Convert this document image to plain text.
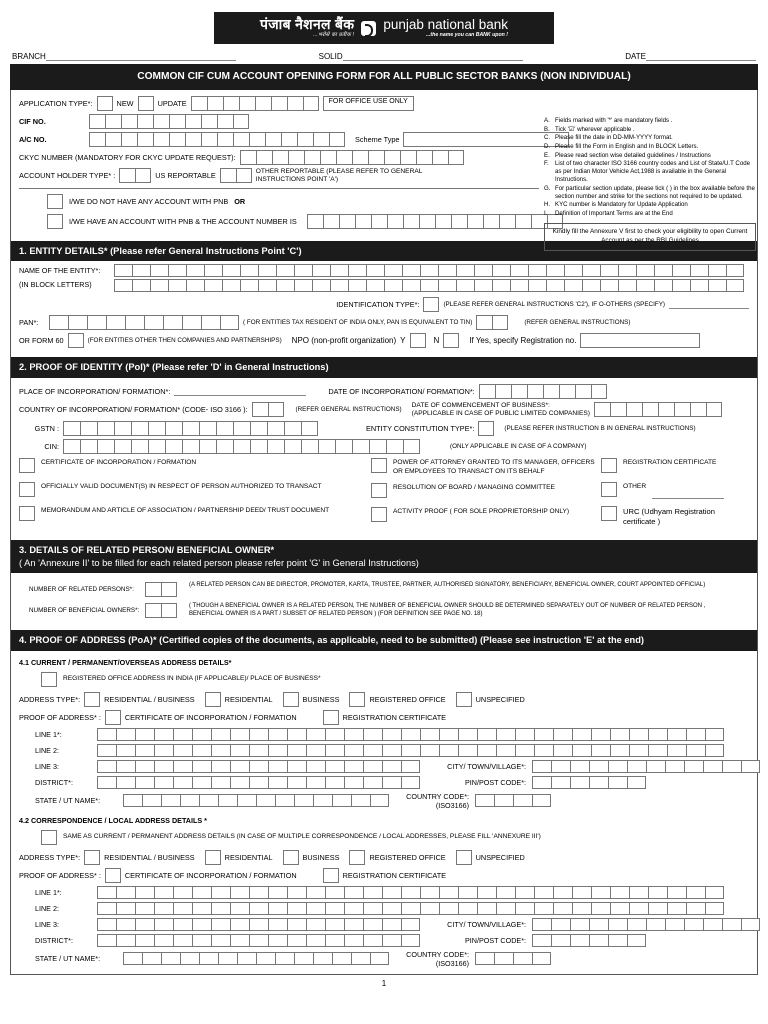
पंजाब नैशनल बैंक
...भरोसे का प्रतीक !
punjab national bank
...the name you can BANK upon !
BRANCH	SOLID	DATE
COMMON CIF CUM ACCOUNT OPENING FORM FOR ALL PUBLIC SECTOR BANKS (NON INDIVIDUAL)
APPLICATION TYPE*:	NEW	UPDATE	FOR OFFICE USE ONLY
CIF NO.
A/C NO.	Scheme Type
CKYC NUMBER (MANDATORY FOR CKYC UPDATE REQUEST):
ACCOUNT HOLDER TYPE* :	US REPORTABLE	OTHER REPORTABLE (PLEASE REFER TO GENERAL INSTRUCTIONS POINT 'A')
I/WE DO NOT HAVE ANY ACCOUNT WITH PNB OR
I/WE HAVE AN ACCOUNT WITH PNB & THE ACCOUNT NUMBER IS
1. ENTITY DETAILS* (Please refer General Instructions Point 'C')
NAME OF THE ENTITY*:
(IN BLOCK LETTERS)
IDENTIFICATION TYPE*:	(PLEASE REFER GENERAL INSTRUCTIONS 'C2'), IF O-OTHERS (SPECIFY)
PAN*:	( FOR ENTITIES TAX RESIDENT OF INDIA ONLY, PAN IS EQUIVALENT TO TIN)	(REFER GENERAL INSTRUCTIONS)
OR FORM 60	(FOR ENTITIES OTHER THEN COMPANIES AND PARTNERSHIPS) NPO (non-profit organization) Y	N	If Yes, specify Registration no.
2. PROOF OF IDENTITY (PoI)* (Please refer 'D' in General Instructions)
PLACE OF INCORPORATION/ FORMATION*:	DATE OF INCORPORATION/ FORMATION*:
COUNTRY OF INCORPORATION/ FORMATION* (CODE- ISO 3166 ):	(REFER GENERAL INSTRUCTIONS)
DATE OF COMMENCEMENT OF BUSINESS*:
(APPLICABLE IN CASE OF PUBLIC LIMITED COMPANIES)
GSTN :	ENTITY CONSTITUTION TYPE*:	(PLEASE REFER INSTRUCTION B IN GENERAL INSTRUCTIONS)
CIN:	(ONLY APPLICABLE IN CASE OF A COMPANY)
CERTIFICATE OF INCORPORATION / FORMATION
OFFICIALLY VALID DOCUMENT(S) IN RESPECT OF PERSON AUTHORIZED TO TRANSACT
MEMORANDUM AND ARTICLE OF ASSOCIATION / PARTNERSHIP DEED/ TRUST DOCUMENT
POWER OF ATTORNEY GRANTED TO ITS MANAGER, OFFICERS OR EMPLOYEES TO TRANSACT ON ITS BEHALF
RESOLUTION OF BOARD / MANAGING COMMITTEE
ACTIVITY PROOF ( FOR SOLE PROPRIETORSHIP ONLY)
REGISTRATION CERTIFICATE
OTHER
URC (Udhyam Registration certificate )
3. DETAILS OF RELATED PERSON/ BENEFICIAL OWNER*
( An 'Annexure II' to be filled for each related person please refer point 'G' in General Instructions)
NUMBER OF RELATED PERSONS*:
(A RELATED PERSON CAN BE DIRECTOR, PROMOTER, KARTA, TRUSTEE, PARTNER, AUTHORISED SIGNATORY, BENEFICIARY, BENEFICIAL OWNER, COURT APPOINTED OFFICIAL)
NUMBER OF BENEFICIAL OWNERS*:
( THOUGH A BENEFICIAL OWNER IS A RELATED PERSON, THE NUMBER OF BENEFICIAL OWNER SHOULD BE DETERMINED SEPARATELY OUT OF NUMBER OF RELATED PERSON , BENEFICIAL OWNER IS A PART / SUBSET OF RELATED PERSON ) (FOR DEFINITION SEE PAGE NO. 18)
4. PROOF OF ADDRESS (PoA)* (Certified copies of the documents, as applicable, need to be submitted) (Please see instruction 'E' at the end)
4.1 CURRENT / PERMANENT/OVERSEAS ADDRESS DETAILS*
REGISTERED OFFICE ADDRESS IN INDIA (IF APPLICABLE)/ PLACE OF BUSINESS*
ADDRESS TYPE*:	RESIDENTIAL / BUSINESS	RESIDENTIAL	BUSINESS	REGISTERED OFFICE	UNSPECIFIED
PROOF OF ADDRESS* :	CERTIFICATE OF INCORPORATION / FORMATION	REGISTRATION CERTIFICATE
LINE 1*:
LINE 2:
LINE 3:	CITY/ TOWN/VILLAGE*:
DISTRICT*:	PIN/POST CODE*:
STATE / UT NAME*:	COUNTRY CODE*:
(ISO3166)
4.2 CORRESPONDENCE / LOCAL ADDRESS DETAILS *
SAME AS CURRENT / PERMANENT ADDRESS DETAILS (IN CASE OF MULTIPLE CORRESPONDENCE / LOCAL ADDRESSES, PLEASE FILL 'ANNEXURE III')
ADDRESS TYPE*:	RESIDENTIAL / BUSINESS	RESIDENTIAL	BUSINESS	REGISTERED OFFICE	UNSPECIFIED
PROOF OF ADDRESS* :	CERTIFICATE OF INCORPORATION / FORMATION	REGISTRATION CERTIFICATE
LINE 1*:
LINE 2:
LINE 3:	CITY/ TOWN/VILLAGE*:
DISTRICT*:	PIN/POST CODE*:
STATE / UT NAME*:	COUNTRY CODE*:
(ISO3166)
1
A. Fields marked with '*' are mandatory fields .
B. Tick '☑' wherever applicable .
C. Please fill the date in DD-MM-YYYY format.
D. Please fill the Form in English and In BLOCK Letters.
E. Please read section wise detailed guidelines / Instructions
F.	List of two character ISO 3166 country codes and List of State/U.T Code as per Indian Motor Vehicle Act,1988 is available in the General Instructions.
G. For particular section update, please tick ( ) in the box available before the section number and strike for the sections not required to be updated.
H. KYC number is Mandatory for Update Application
I.	Definition of Important Terms are at the End
Kindly fill the Annexure V first to check your eligibility to open Current Account as per the RBI Guidelines
